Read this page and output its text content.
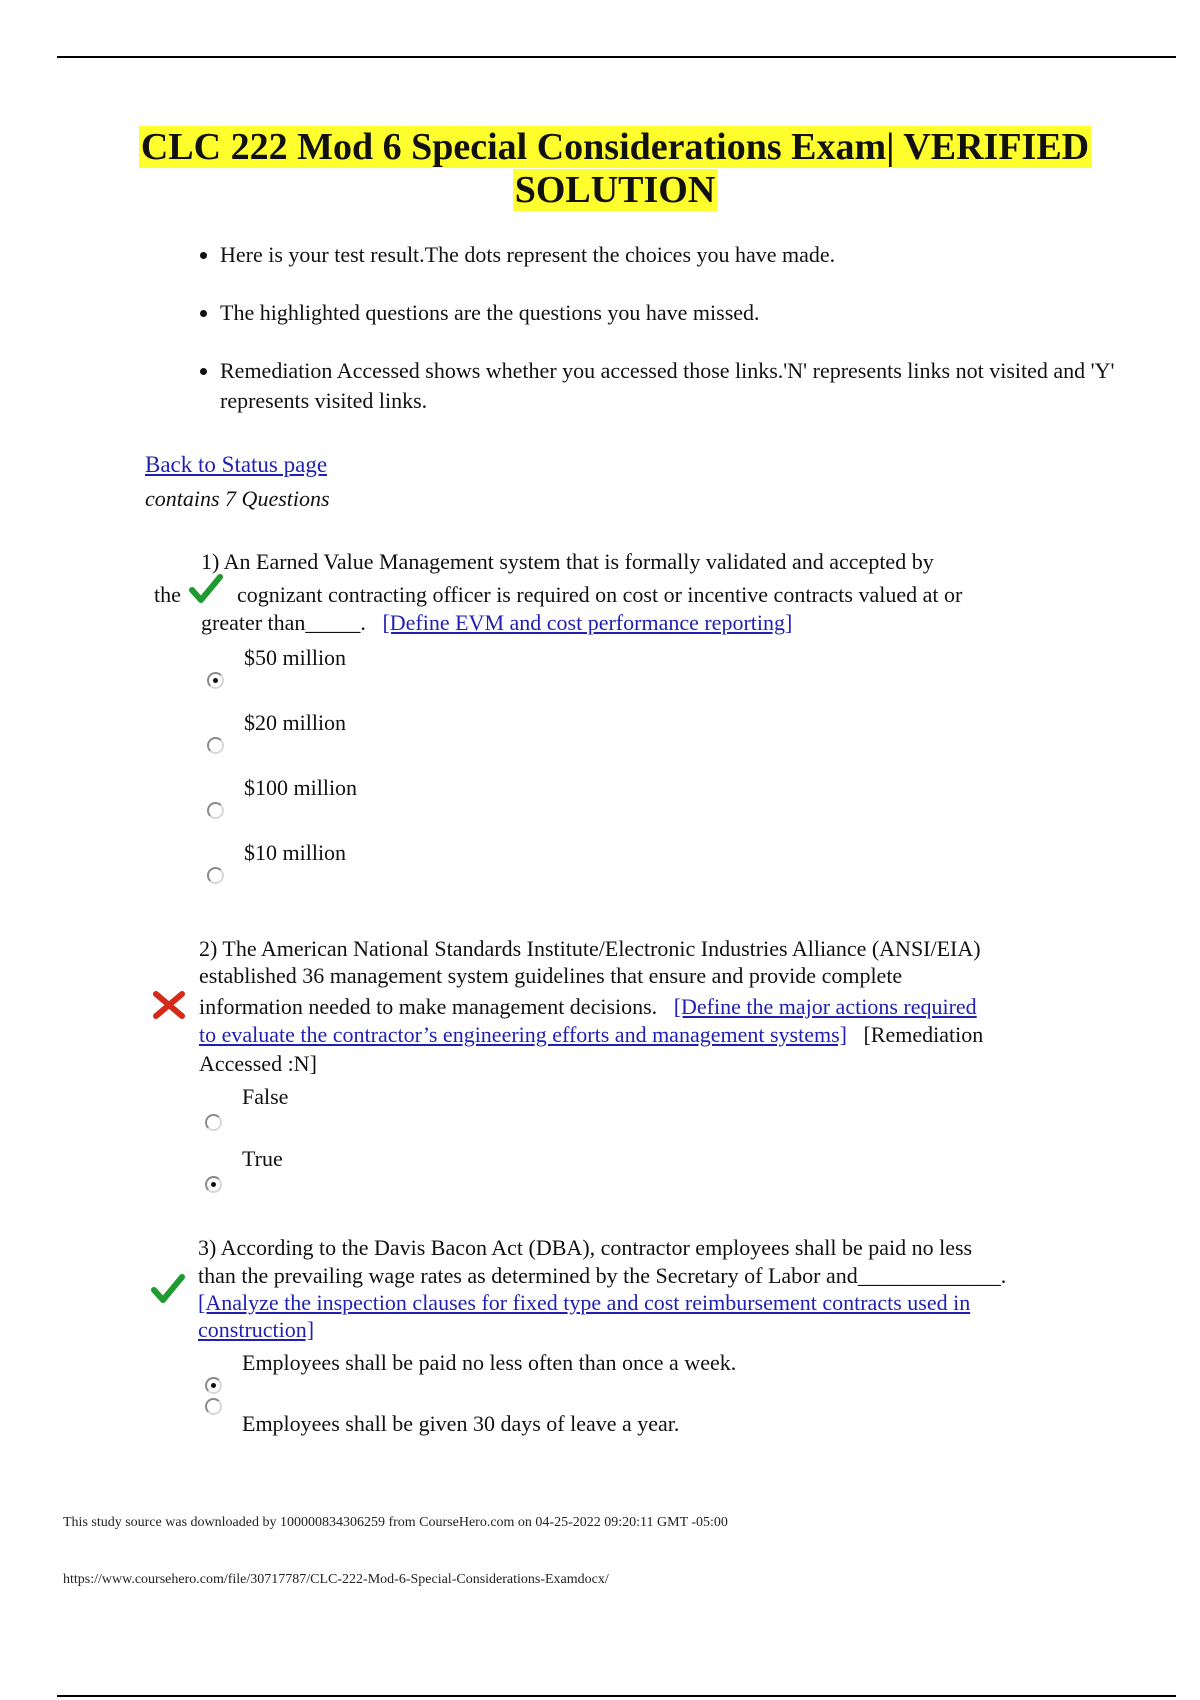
CLC 222 Mod 6 Special Considerations Exam| VERIFIED SOLUTION
• Here is your test result.The dots represent the choices you have made.
• The highlighted questions are the questions you have missed.
• Remediation Accessed shows whether you accessed those links.'N' represents links not visited and 'Y' represents visited links.
Back to Status page
contains 7 Questions
1) An Earned Value Management system that is formally validated and accepted by
the	cognizant contracting officer is required on cost or incentive contracts valued at or
greater than_____. [Define EVM and cost performance reporting]
$50 million
$20 million
$100 million
$10 million
2) The American National Standards Institute/Electronic Industries Alliance (ANSI/EIA)
established 36 management system guidelines that ensure and provide complete
information needed to make management decisions. [Define the major actions required
to evaluate the contractor’s engineering efforts and management systems] [Remediation
Accessed :N]
False
True
3) According to the Davis Bacon Act (DBA), contractor employees shall be paid no less
than the prevailing wage rates as determined by the Secretary of Labor and_____________.
[Analyze the inspection clauses for fixed type and cost reimbursement contracts used in
construction]
Employees shall be paid no less often than once a week.
Employees shall be given 30 days of leave a year.
This study source was downloaded by 100000834306259 from CourseHero.com on 04-25-2022 09:20:11 GMT -05:00
https://www.coursehero.com/file/30717787/CLC-222-Mod-6-Special-Considerations-Examdocx/
